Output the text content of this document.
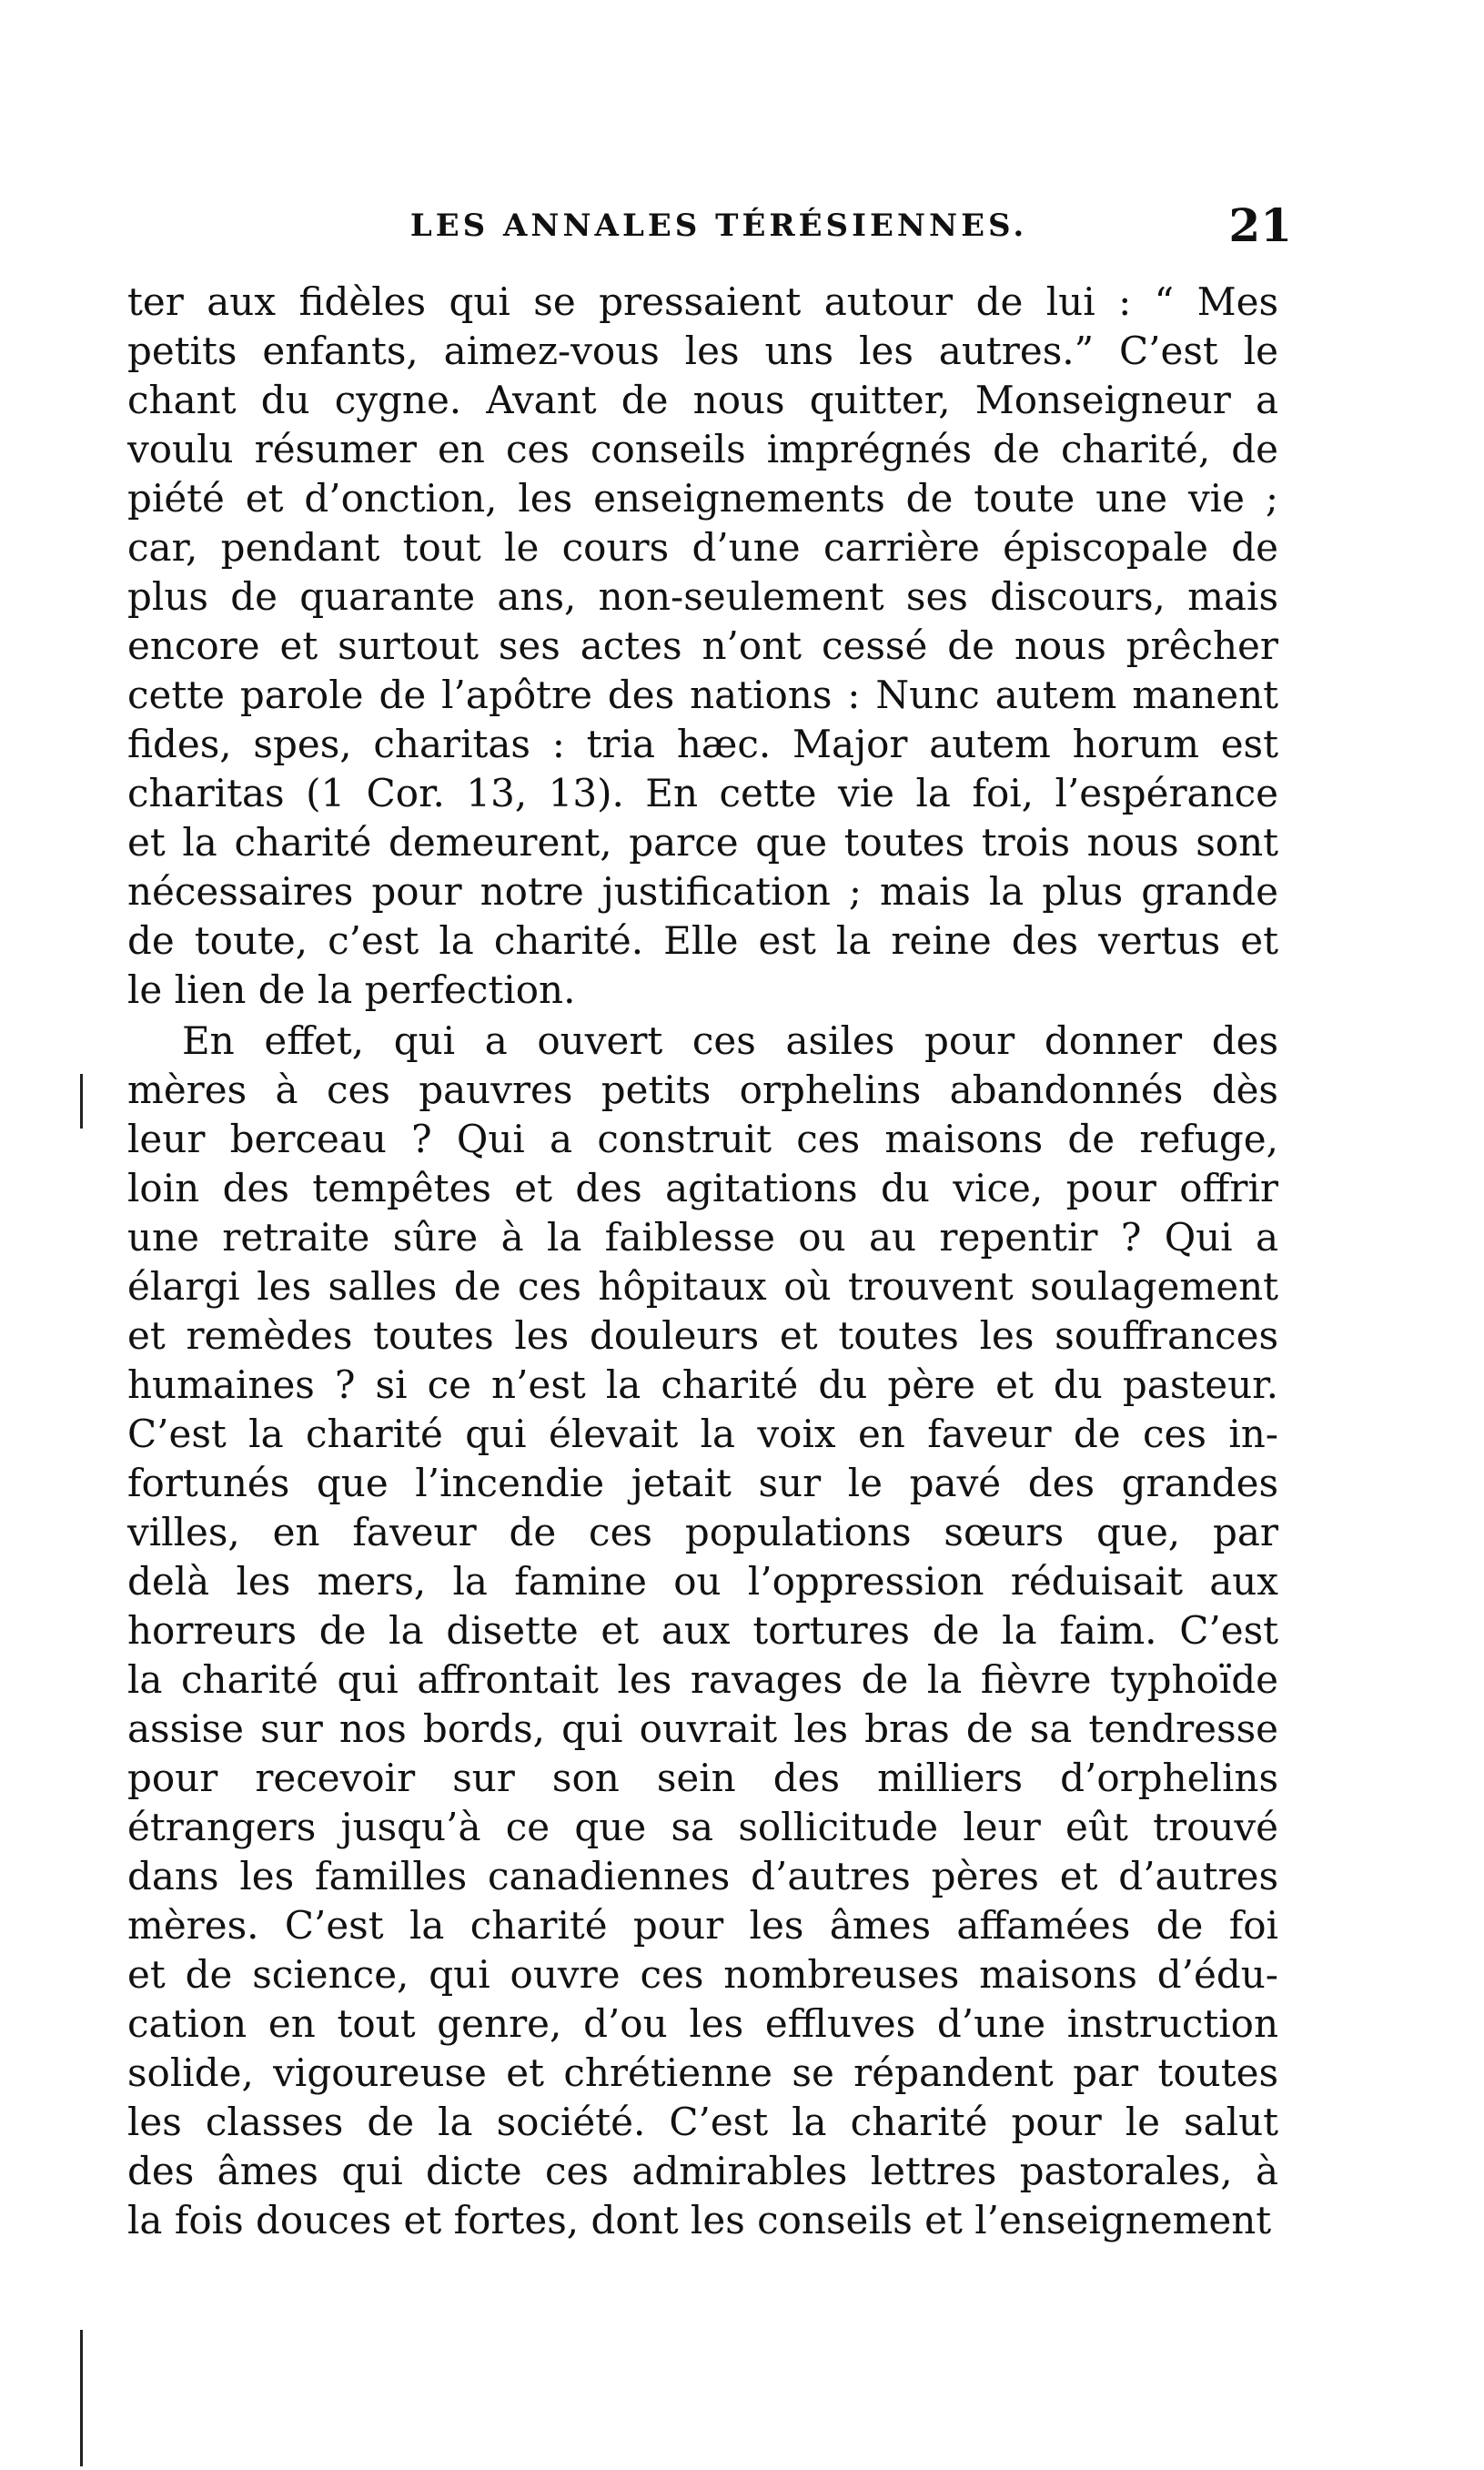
LES ANNALES TÉRÉSIENNES.	21
ter aux fidèles qui se pressaient autour de lui : “ Mes
petits enfants, aimez-vous les uns les autres.” C’est le
chant du cygne. Avant de nous quitter, Monseigneur a
voulu résumer en ces conseils imprégnés de charité, de
piété et d’onction, les enseignements de toute une vie ;
car, pendant tout le cours d’une carrière épiscopale de
plus de quarante ans, non-seulement ses discours, mais
encore et surtout ses actes n’ont cessé de nous prêcher
cette parole de l’apôtre des nations : Nunc autem manent
fides, spes, charitas : tria hæc. Major autem horum est
charitas (1 Cor. 13, 13). En cette vie la foi, l’espérance
et la charité demeurent, parce que toutes trois nous sont
nécessaires pour notre justification ; mais la plus grande
de toute, c’est la charité. Elle est la reine des vertus et
le lien de la perfection.
En effet, qui a ouvert ces asiles pour donner des
mères à ces pauvres petits orphelins abandonnés dès
leur berceau ? Qui a construit ces maisons de refuge,
loin des tempêtes et des agitations du vice, pour offrir
une retraite sûre à la faiblesse ou au repentir ? Qui a
élargi les salles de ces hôpitaux où trouvent soulagement
et remèdes toutes les douleurs et toutes les souffrances
humaines ? si ce n’est la charité du père et du pasteur.
C’est la charité qui élevait la voix en faveur de ces in-
fortunés que l’incendie jetait sur le pavé des grandes
villes, en faveur de ces populations sœurs que, par
delà les mers, la famine ou l’oppression réduisait aux
horreurs de la disette et aux tortures de la faim. C’est
la charité qui affrontait les ravages de la fièvre typhoïde
assise sur nos bords, qui ouvrait les bras de sa tendresse
pour recevoir sur son sein des milliers d’orphelins
étrangers jusqu’à ce que sa sollicitude leur eût trouvé
dans les familles canadiennes d’autres pères et d’autres
mères. C’est la charité pour les âmes affamées de foi
et de science, qui ouvre ces nombreuses maisons d’édu-
cation en tout genre, d’ou les effluves d’une instruction
solide, vigoureuse et chrétienne se répandent par toutes
les classes de la société. C’est la charité pour le salut
des âmes qui dicte ces admirables lettres pastorales, à
la fois douces et fortes, dont les conseils et l’enseignement
